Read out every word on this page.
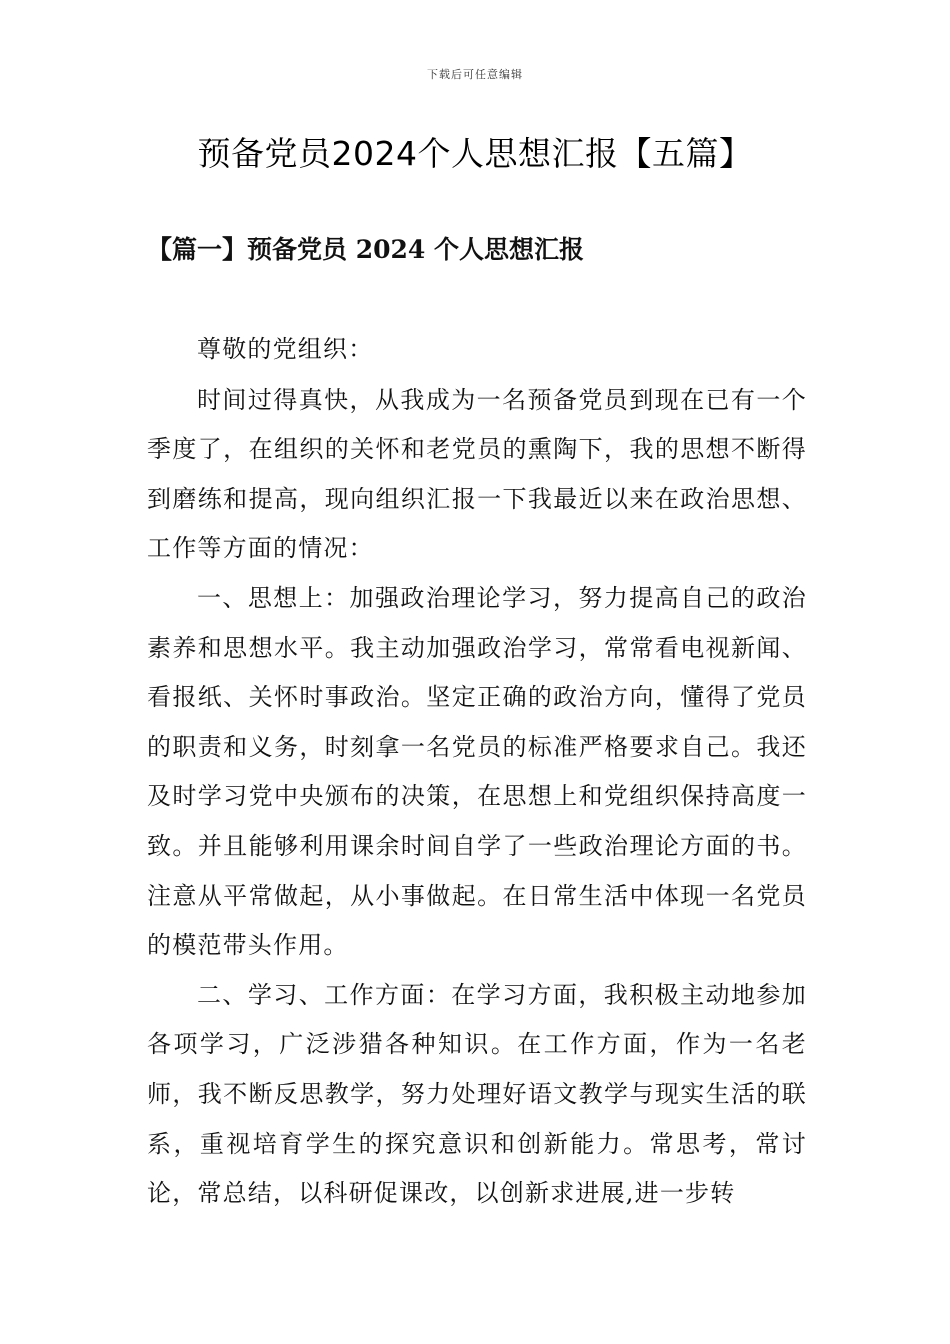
下载后可任意编辑
预备党员2024个人思想汇报【五篇】
【篇一】预备党员 2024 个人思想汇报

尊敬的党组织：

时间过得真快，从我成为一名预备党员到现在已有一个季度了，在组织的关怀和老党员的熏陶下，我的思想不断得到磨练和提高，现向组织汇报一下我最近以来在政治思想、工作等方面的情况：

一、思想上：加强政治理论学习，努力提高自己的政治素养和思想水平。我主动加强政治学习，常常看电视新闻、看报纸、关怀时事政治。坚定正确的政治方向，懂得了党员的职责和义务，时刻拿一名党员的标准严格要求自己。我还及时学习党中央颁布的决策，在思想上和党组织保持高度一致。并且能够利用课余时间自学了一些政治理论方面的书。注意从平常做起，从小事做起。在日常生活中体现一名党员的模范带头作用。

二、学习、工作方面：在学习方面，我积极主动地参加各项学习，广泛涉猎各种知识。在工作方面，作为一名老师，我不断反思教学，努力处理好语文教学与现实生活的联系，重视培育学生的探究意识和创新能力。常思考，常讨论，常总结，以科研促课改，以创新求进展,进一步转
